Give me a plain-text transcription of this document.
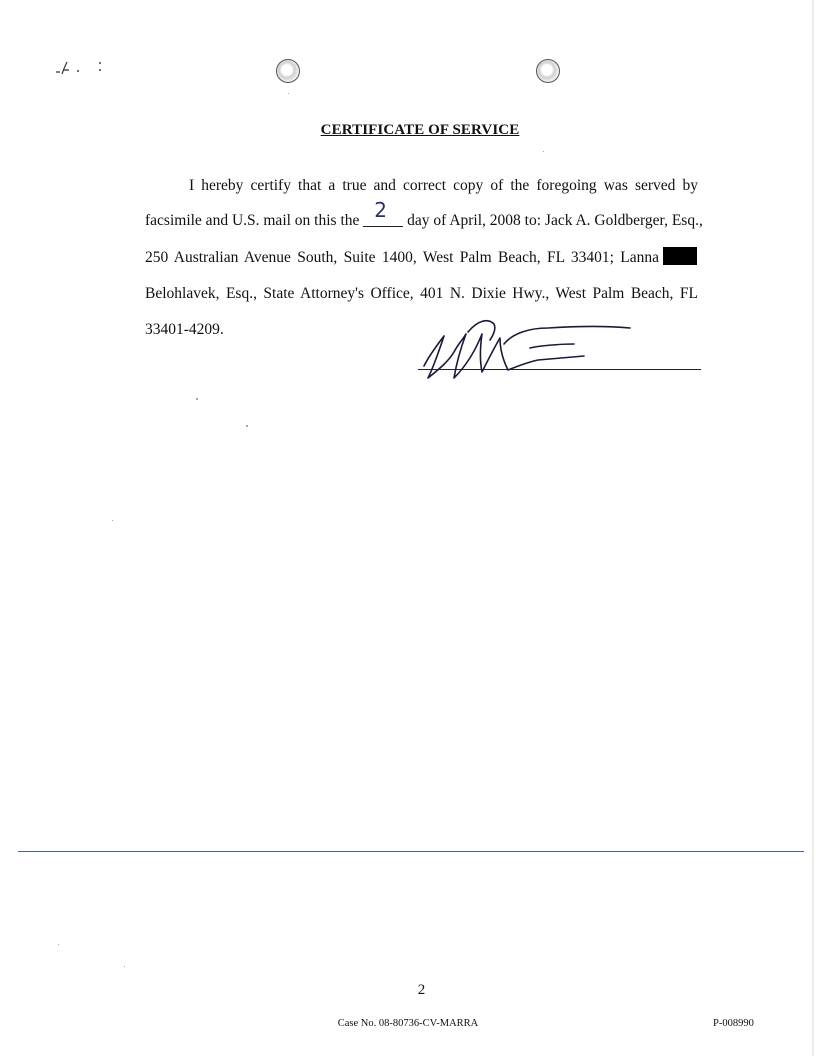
CERTIFICATE OF SERVICE
I hereby certify that a true and correct copy of the foregoing was served by
facsimile and U.S. mail on this the 2 day of April, 2008 to: Jack A. Goldberger, Esq.,
250 Australian Avenue South, Suite 1400, West Palm Beach, FL 33401; Lanna
Belohlavek, Esq., State Attorney's Office, 401 N. Dixie Hwy., West Palm Beach, FL
33401-4209.
2
Case No. 08-80736-CV-MARRA	P-008990
